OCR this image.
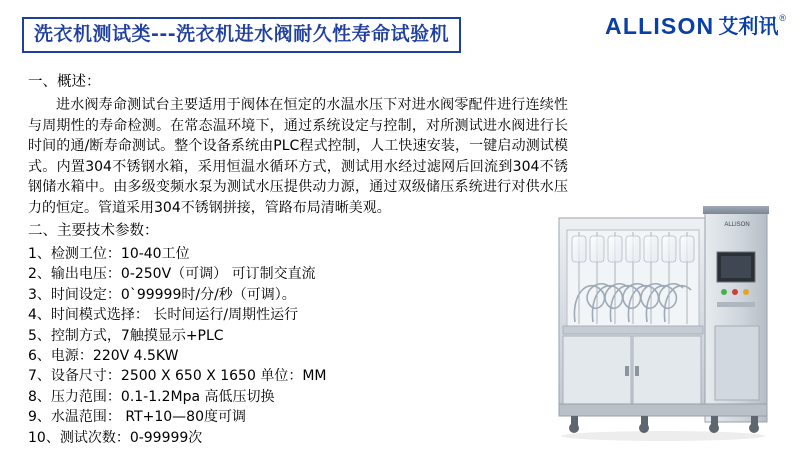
洗衣机测试类---洗衣机进水阀耐久性寿命试验机	ALLISON 艾利讯 ®
一、概述：

进水阀寿命测试台主要适用于阀体在恒定的水温水压下对进水阀零配件进行连续性与周期性的寿命检测。在常态温环境下，通过系统设定与控制，对所测试进水阀进行长时间的通/断寿命测试。整个设备系统由PLC程式控制，人工快速安装，一键启动测试模式。内置304不锈钢水箱，采用恒温水循环方式，测试用水经过滤网后回流到304不锈钢储水箱中。由多级变频水泵为测试水压提供动力源，通过双级储压系统进行对供水压力的恒定。管道采用304不锈钢拼接，管路布局清晰美观。

二、主要技术参数：
1、检测工位：10-40工位
2、输出电压：0-250V（可调） 可订制交直流
3、时间设定：0`99999时/分/秒（可调）。
4、时间模式选择： 长时间运行/周期性运行
5、控制方式，7触摸显示+PLC
6、电源：220V 4.5KW
7、设备尺寸：2500 X 650 X 1650 单位：MM
8、压力范围：0.1-1.2Mpa 高低压切换
9、水温范围： RT+10—80度可调
10、测试次数：0-99999次
ALLISON
